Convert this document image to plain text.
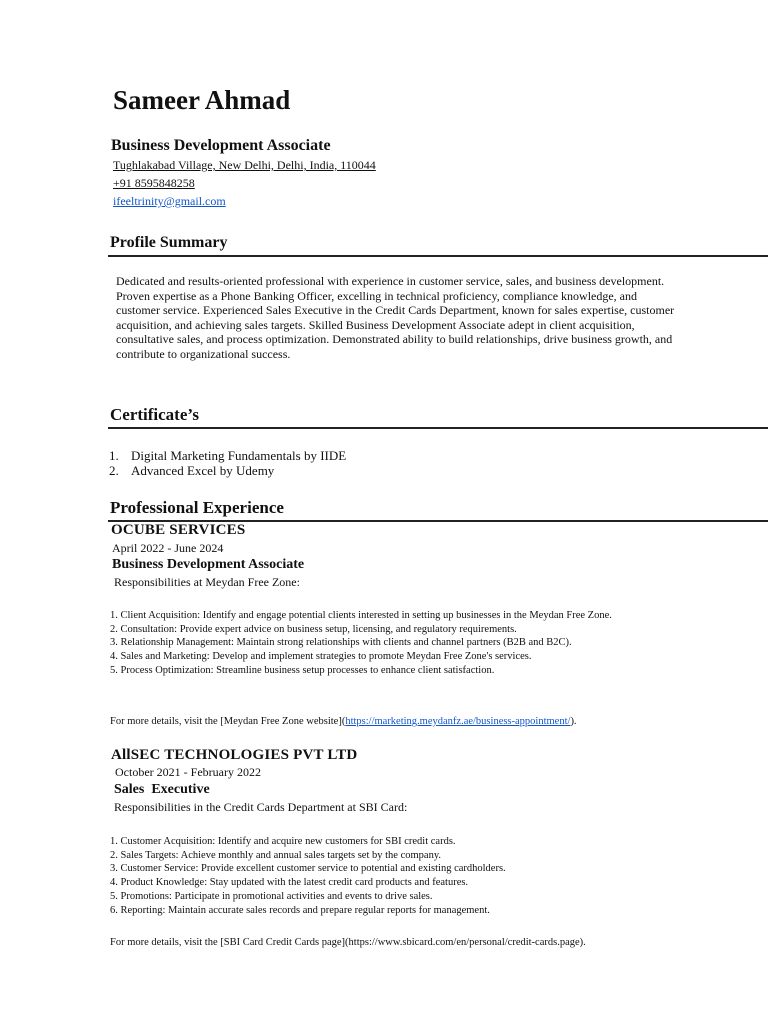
Sameer Ahmad
Business Development Associate
Tughlakabad Village, New Delhi, Delhi, India, 110044
+91 8595848258
ifeeltrinity@gmail.com
Profile Summary
Dedicated and results-oriented professional with experience in customer service, sales, and business development. Proven expertise as a Phone Banking Officer, excelling in technical proficiency, compliance knowledge, and customer service. Experienced Sales Executive in the Credit Cards Department, known for sales expertise, customer acquisition, and achieving sales targets. Skilled Business Development Associate adept in client acquisition, consultative sales, and process optimization. Demonstrated ability to build relationships, drive business growth, and contribute to organizational success.
Certificate’s
1. Digital Marketing Fundamentals by IIDE
2. Advanced Excel by Udemy
Professional Experience
OCUBE SERVICES
April 2022 - June 2024
Business Development Associate
Responsibilities at Meydan Free Zone:
1. Client Acquisition: Identify and engage potential clients interested in setting up businesses in the Meydan Free Zone.
2. Consultation: Provide expert advice on business setup, licensing, and regulatory requirements.
3. Relationship Management: Maintain strong relationships with clients and channel partners (B2B and B2C).
4. Sales and Marketing: Develop and implement strategies to promote Meydan Free Zone's services.
5. Process Optimization: Streamline business setup processes to enhance client satisfaction.
For more details, visit the [Meydan Free Zone website](https://marketing.meydanfz.ae/business-appointment/).
AllSEC TECHNOLOGIES PVT LTD
October 2021 - February 2022
Sales  Executive
Responsibilities in the Credit Cards Department at SBI Card:
1. Customer Acquisition: Identify and acquire new customers for SBI credit cards.
2. Sales Targets: Achieve monthly and annual sales targets set by the company.
3. Customer Service: Provide excellent customer service to potential and existing cardholders.
4. Product Knowledge: Stay updated with the latest credit card products and features.
5. Promotions: Participate in promotional activities and events to drive sales.
6. Reporting: Maintain accurate sales records and prepare regular reports for management.
For more details, visit the [SBI Card Credit Cards page](https://www.sbicard.com/en/personal/credit-cards.page).
